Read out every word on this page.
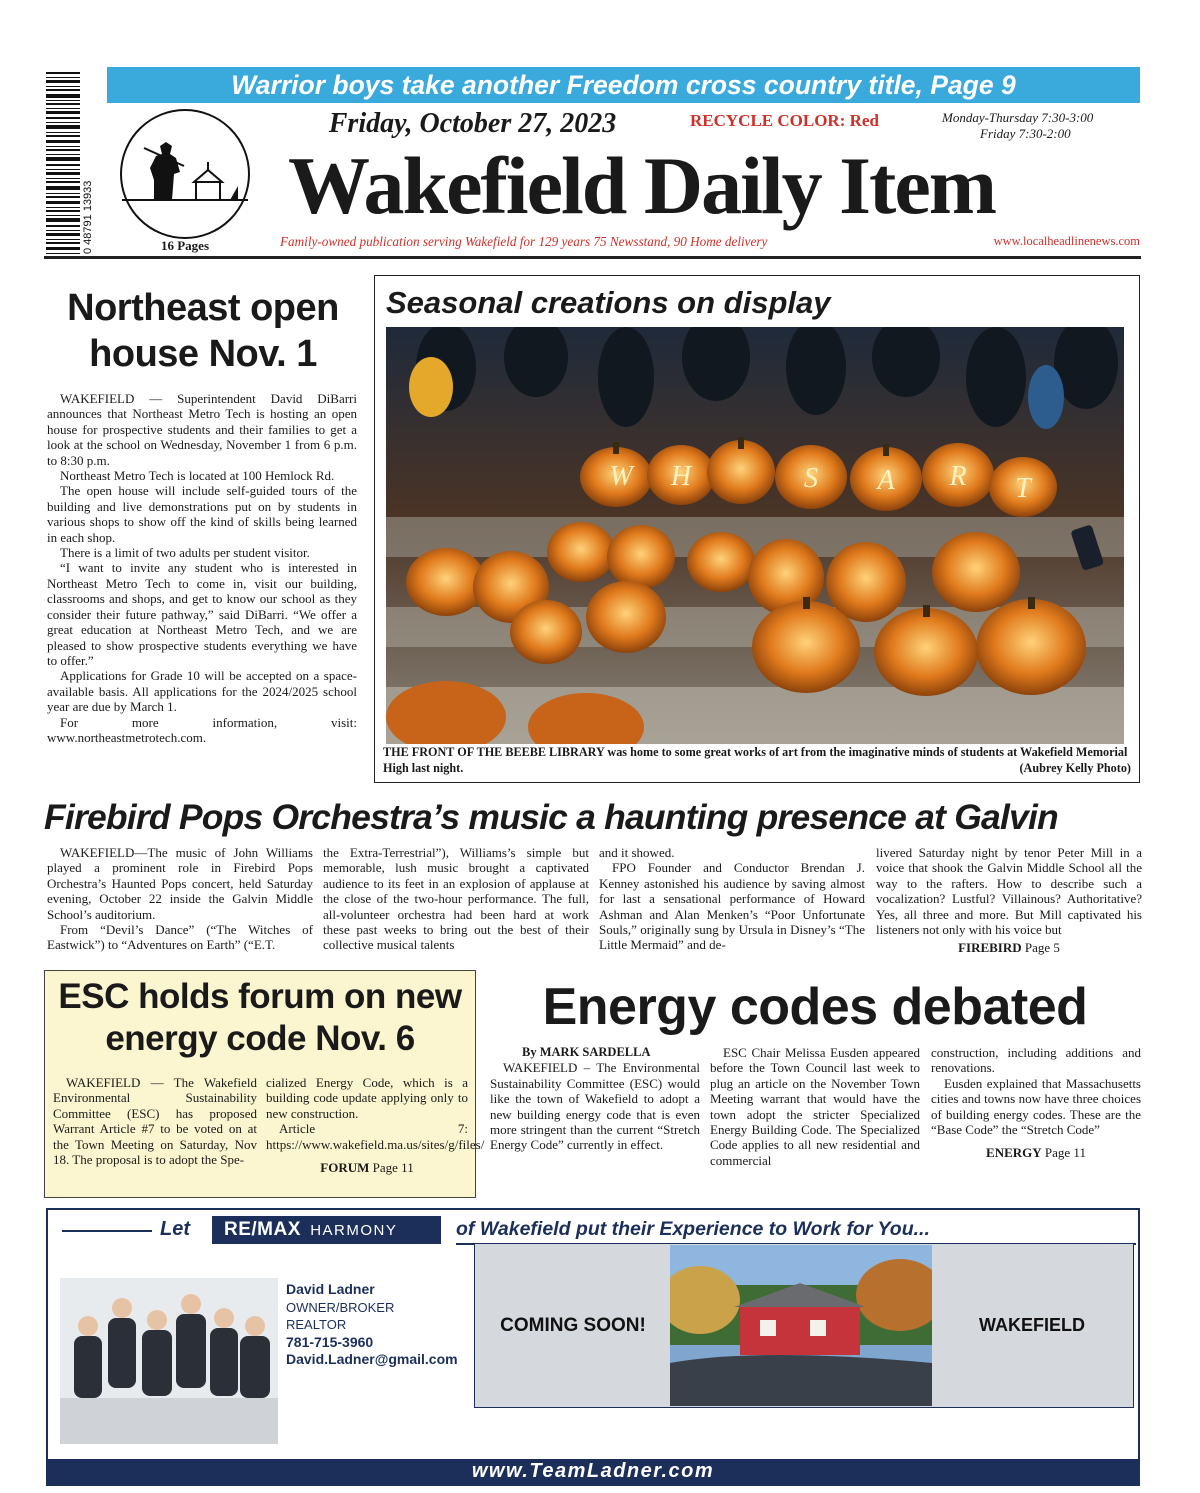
0 48791 13933
Warrior boys take another Freedom cross country title, Page 9
16 Pages
Friday, October 27, 2023	RECYCLE COLOR: Red	Monday-Thursday 7:30-3:00
Friday 7:30-2:00
Wakefield Daily Item
Family-owned publication serving Wakefield for 129 years 75 Newsstand, 90 Home delivery	www.localheadlinenews.com
Northeast open house Nov. 1

WAKEFIELD — Superintendent David DiBarri announces that Northeast Metro Tech is hosting an open house for prospective students and their families to get a look at the school on Wednesday, November 1 from 6 p.m. to 8:30 p.m.

Northeast Metro Tech is located at 100 Hemlock Rd.

The open house will include self-guided tours of the building and live demonstrations put on by students in various shops to show off the kind of skills being learned in each shop.

There is a limit of two adults per student visitor.

“I want to invite any student who is interested in Northeast Metro Tech to come in, visit our building, classrooms and shops, and get to know our school as they consider their future pathway,” said DiBarri. “We offer a great education at Northeast Metro Tech, and we are pleased to show prospective students everything we have to offer.”

Applications for Grade 10 will be accepted on a space-available basis. All applications for the 2024/2025 school year are due by March 1.

For more information, visit: www.northeastmetrotech.com.

Seasonal creations on display
W H	S A R T
THE FRONT OF THE BEEBE LIBRARY was home to some great works of art from the imaginative minds of students at Wakefield Memorial High last night.	(Aubrey Kelly Photo)
Firebird Pops Orchestra’s music a haunting presence at Galvin

WAKEFIELD—The music of John Williams played a prominent role in Firebird Pops Orchestra’s Haunted Pops concert, held Saturday evening, October 22 inside the Galvin Middle School’s auditorium.

From “Devil’s Dance” (“The Witches of Eastwick”) to “Adventures on Earth” (“E.T.

the Extra-Terrestrial”), Williams’s simple but memorable, lush music brought a captivated audience to its feet in an explosion of applause at the close of the two-hour performance. The full, all-volunteer orchestra had been hard at work these past weeks to bring out the best of their collective musical talents

and it showed.

FPO Founder and Conductor Brendan J. Kenney astonished his audience by saving almost for last a sensational performance of Howard Ashman and Alan Menken’s “Poor Unfortunate Souls,” originally sung by Ursula in Disney’s “The Little Mermaid” and de-

livered Saturday night by tenor Peter Mill in a voice that shook the Galvin Middle School all the way to the rafters. How to describe such a vocalization? Lustful? Villainous? Authoritative? Yes, all three and more. But Mill captivated his listeners not only with his voice but

FIREBIRD Page 5
ESC holds forum on new energy code Nov. 6

WAKEFIELD — The Wakefield Environmental Sustainability Committee (ESC) has proposed Warrant Article #7 to be voted on at the Town Meeting on Saturday, Nov 18. The proposal is to adopt the Spe-

cialized Energy Code, which is a building code update applying only to new construction.

Article 7: https://www.wakefield.ma.us/sites/g/files/

FORUM Page 11
Energy codes debated

By MARK SARDELLA

WAKEFIELD – The Environmental Sustainability Committee (ESC) would like the town of Wakefield to adopt a new building energy code that is even more stringent than the current “Stretch Energy Code” currently in effect.

ESC Chair Melissa Eusden appeared before the Town Council last week to plug an article on the November Town Meeting warrant that would have the town adopt the stricter Specialized Energy Building Code. The Specialized Code applies to all new residential and commercial

construction, including additions and renovations.

Eusden explained that Massachusetts cities and towns now have three choices of building energy codes. These are the “Base Code” the “Stretch Code”

ENERGY Page 11
Let	RE/MAX HARMONY	of Wakefield put their Experience to Work for You...
David Ladner
OWNER/BROKER
REALTOR
781-715-3960
David.Ladner@gmail.com
COMING SOON!	WAKEFIELD
www.TeamLadner.com
